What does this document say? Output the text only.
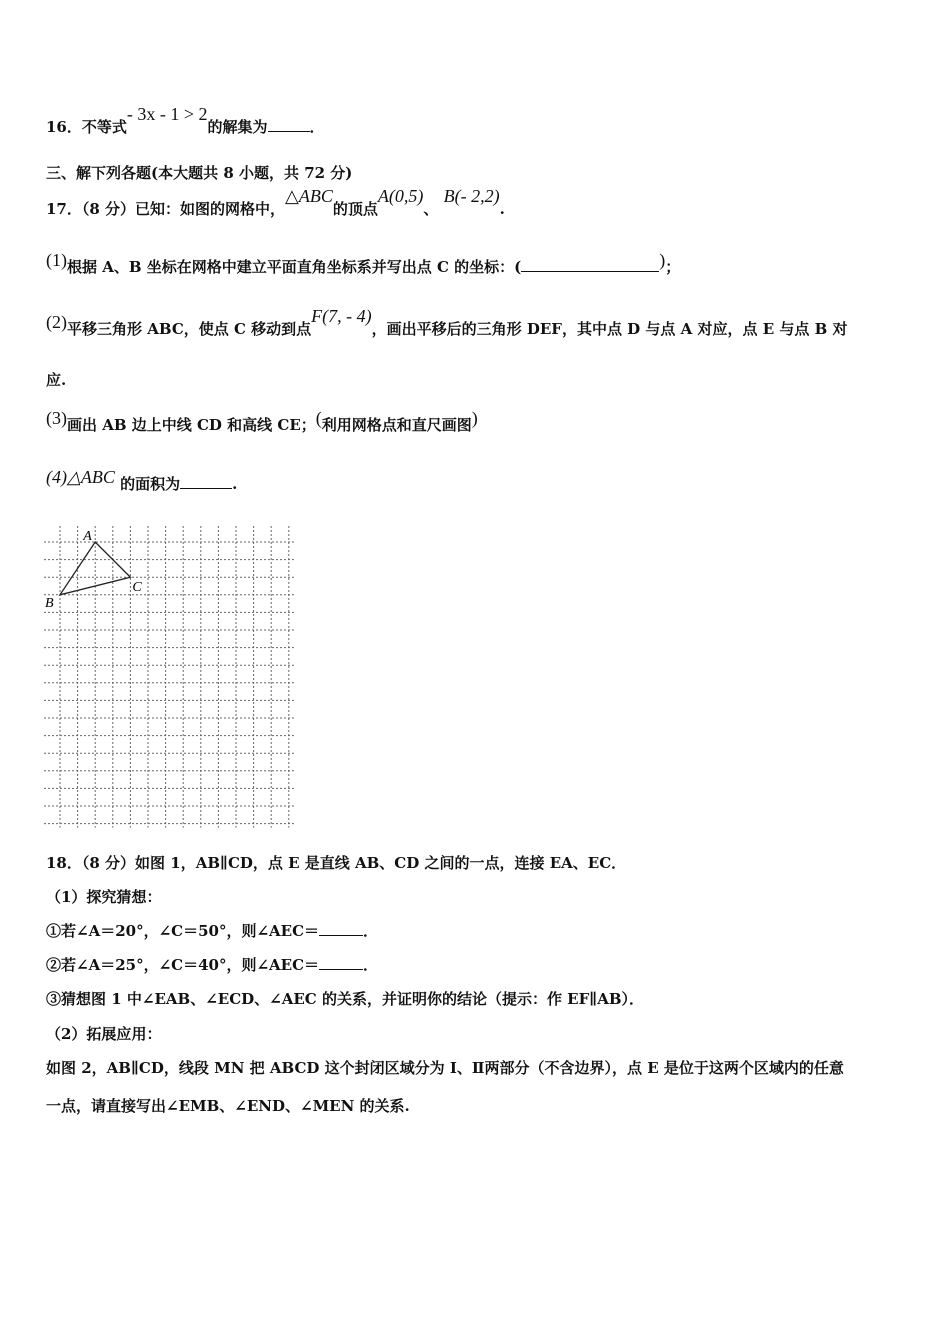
16．不等式- 3x - 1 > 2的解集为	．
三、解下列各题(本大题共 8 小题，共 72 分)
17．（8 分）已知：如图的网格中，△ABC的顶点A(0,5)、 B(- 2,2).
(1)根据 A、B 坐标在网格中建立平面直角坐标系并写出点 C 的坐标：(	)；
(2)平移三角形 ABC，使点 C 移动到点F(7, - 4)，画出平移后的三角形 DEF，其中点 D 与点 A 对应，点 E 与点 B 对
应.
(3)画出 AB 边上中线 CD 和高线 CE；(利用网格点和直尺画图)
(4)△ABC 的面积为	.
A
B
C
18．（8 分）如图 1，AB∥CD，点 E 是直线 AB、CD 之间的一点，连接 EA、EC．
（1）探究猜想：
①若∠A＝20°，∠C＝50°，则∠AEC＝	．
②若∠A＝25°，∠C＝40°，则∠AEC＝	．
③猜想图 1 中∠EAB、∠ECD、∠AEC 的关系，并证明你的结论（提示：作 EF∥AB）．
（2）拓展应用：
如图 2，AB∥CD，线段 MN 把 ABCD 这个封闭区域分为 I、Ⅱ两部分（不含边界），点 E 是位于这两个区域内的任意
一点，请直接写出∠EMB、∠END、∠MEN 的关系.
